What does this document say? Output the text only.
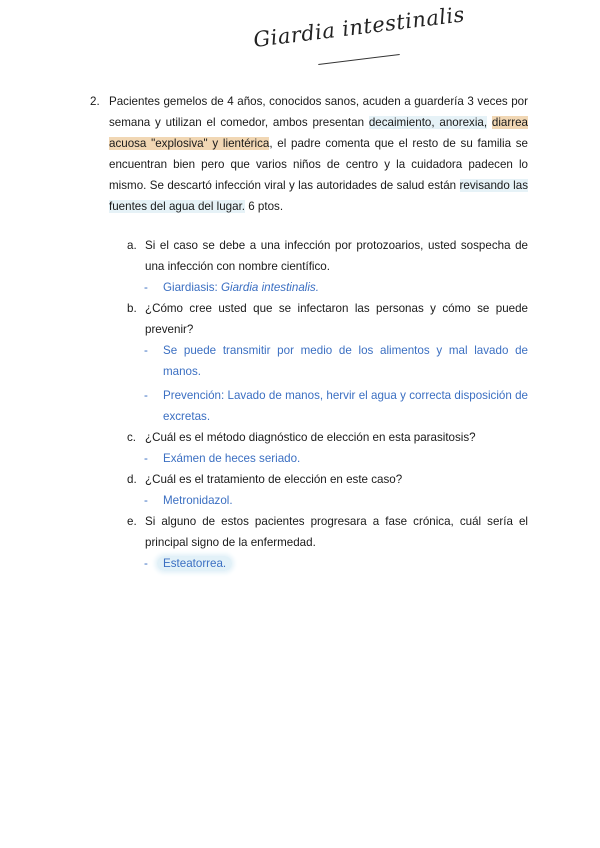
Giardia intestinalis
2. Pacientes gemelos de 4 años, conocidos sanos, acuden a guardería 3 veces por semana y utilizan el comedor, ambos presentan decaimiento, anorexia, diarrea acuosa "explosiva" y lientérica, el padre comenta que el resto de su familia se encuentran bien pero que varios niños de centro y la cuidadora padecen lo mismo. Se descartó infección viral y las autoridades de salud están revisando las fuentes del agua del lugar. 6 ptos.
a. Si el caso se debe a una infección por protozoarios, usted sospecha de una infección con nombre científico.
- Giardiasis: Giardia intestinalis.
b. ¿Cómo cree usted que se infectaron las personas y cómo se puede prevenir?
- Se puede transmitir por medio de los alimentos y mal lavado de manos.
- Prevención: Lavado de manos, hervir el agua y correcta disposición de excretas.
c. ¿Cuál es el método diagnóstico de elección en esta parasitosis?
- Exámen de heces seriado.
d. ¿Cuál es el tratamiento de elección en este caso?
- Metronidazol.
e. Si alguno de estos pacientes progresara a fase crónica, cuál sería el principal signo de la enfermedad.
- Esteatorrea.
